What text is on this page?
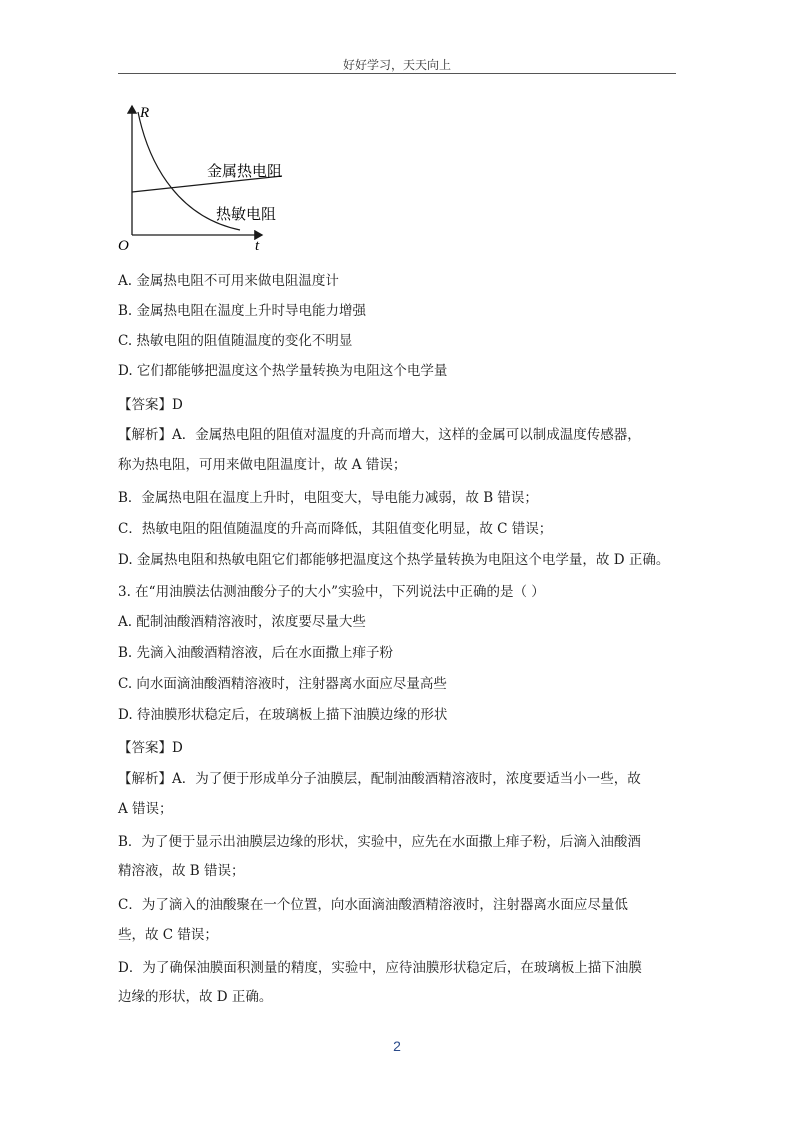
好好学习，天天向上
R
t
O
金属热电阻
热敏电阻
A. 金属热电阻不可用来做电阻温度计
B. 金属热电阻在温度上升时导电能力增强
C. 热敏电阻的阻值随温度的变化不明显
D. 它们都能够把温度这个热学量转换为电阻这个电学量
【答案】D
【解析】A．金属热电阻的阻值对温度的升高而增大，这样的金属可以制成温度传感器，
称为热电阻，可用来做电阻温度计，故 A 错误；
B．金属热电阻在温度上升时，电阻变大，导电能力减弱，故 B 错误；
C．热敏电阻的阻值随温度的升高而降低，其阻值变化明显，故 C 错误；
D. 金属热电阻和热敏电阻它们都能够把温度这个热学量转换为电阻这个电学量，故 D 正确。
3. 在“用油膜法估测油酸分子的大小”实验中，下列说法中正确的是（ ）
A. 配制油酸酒精溶液时，浓度要尽量大些
B. 先滴入油酸酒精溶液，后在水面撒上痱子粉
C. 向水面滴油酸酒精溶液时，注射器离水面应尽量高些
D. 待油膜形状稳定后，在玻璃板上描下油膜边缘的形状
【答案】D
【解析】A．为了便于形成单分子油膜层，配制油酸酒精溶液时，浓度要适当小一些，故
A 错误；
B．为了便于显示出油膜层边缘的形状，实验中，应先在水面撒上痱子粉，后滴入油酸酒
精溶液，故 B 错误；
C．为了滴入的油酸聚在一个位置，向水面滴油酸酒精溶液时，注射器离水面应尽量低
些，故 C 错误；
D．为了确保油膜面积测量的精度，实验中，应待油膜形状稳定后，在玻璃板上描下油膜
边缘的形状，故 D 正确。
2
